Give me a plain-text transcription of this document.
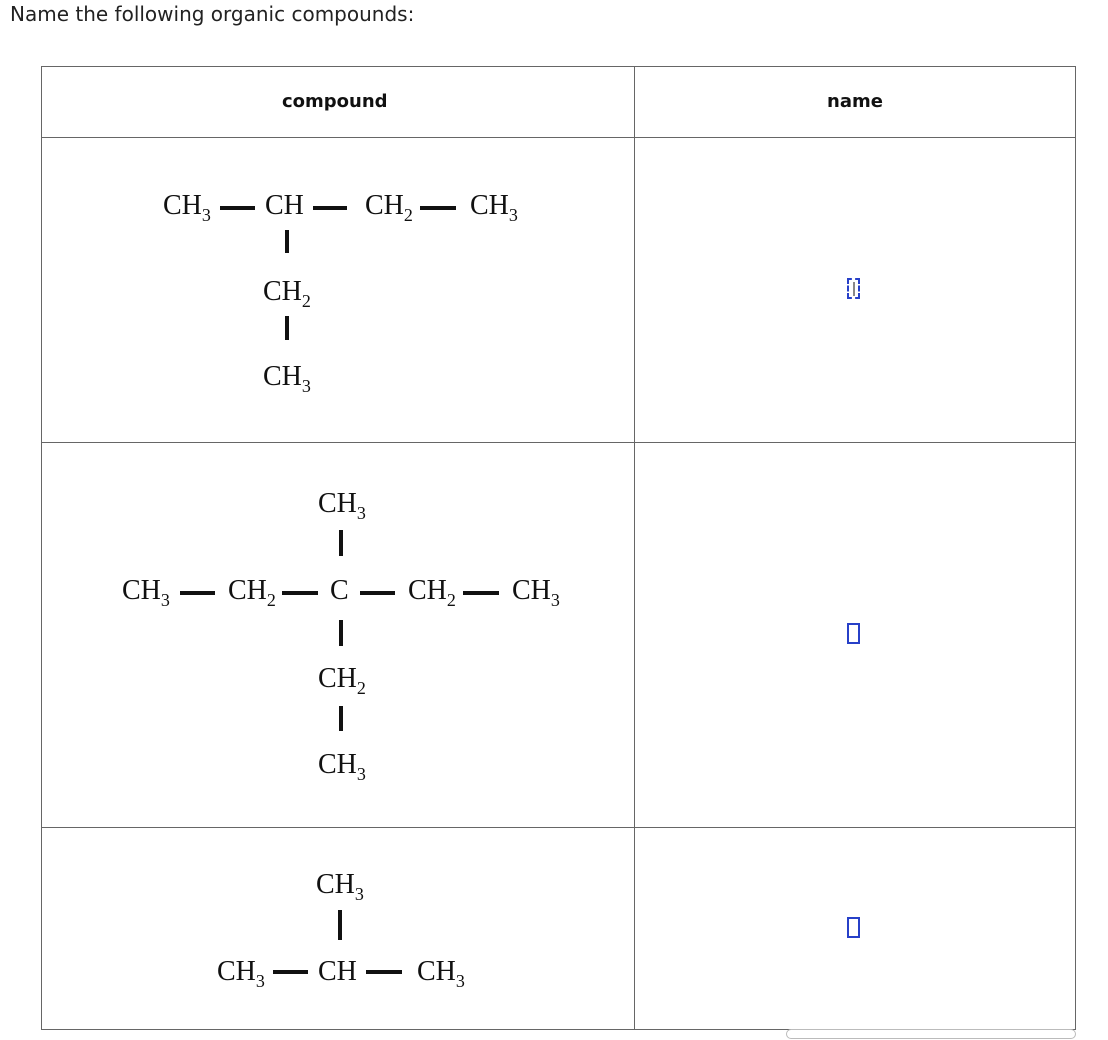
Name the following organic compounds:
compound	name
$CH_3$ CH $CH_2$ $CH_3$
$CH_2$
$CH_3$
$CH_3$
$CH_3$ $CH_2$ C $CH_2$ $CH_3$
$CH_2$
$CH_3$
$CH_3$
$CH_3$ CH $CH_3$
